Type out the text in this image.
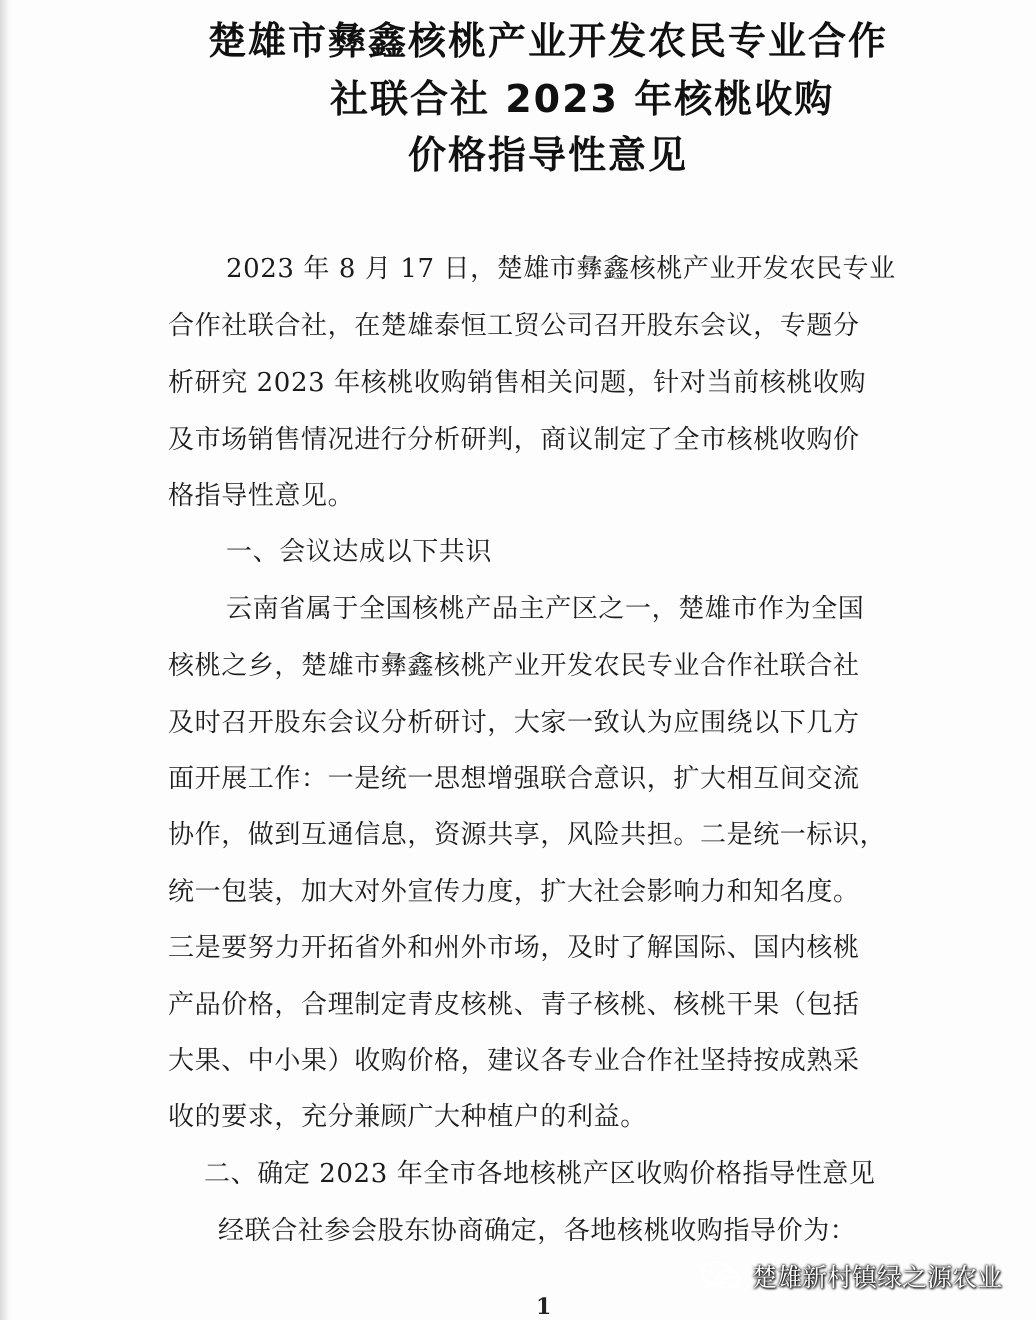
楚雄市彝鑫核桃产业开发农民专业合作
社联合社 2023 年核桃收购
价格指导性意见
2023 年 8 月 17 日，楚雄市彝鑫核桃产业开发农民专业
合作社联合社，在楚雄泰恒工贸公司召开股东会议，专题分
析研究 2023 年核桃收购销售相关问题，针对当前核桃收购
及市场销售情况进行分析研判，商议制定了全市核桃收购价
格指导性意见。
一、会议达成以下共识
云南省属于全国核桃产品主产区之一，楚雄市作为全国
核桃之乡，楚雄市彝鑫核桃产业开发农民专业合作社联合社
及时召开股东会议分析研讨，大家一致认为应围绕以下几方
面开展工作：一是统一思想增强联合意识，扩大相互间交流
协作，做到互通信息，资源共享，风险共担。二是统一标识，
统一包装，加大对外宣传力度，扩大社会影响力和知名度。
三是要努力开拓省外和州外市场，及时了解国际、国内核桃
产品价格，合理制定青皮核桃、青子核桃、核桃干果（包括
大果、中小果）收购价格，建议各专业合作社坚持按成熟采
收的要求，充分兼顾广大种植户的利益。
二、确定 2023 年全市各地核桃产区收购价格指导性意见
经联合社参会股东协商确定，各地核桃收购指导价为：
楚雄新村镇绿之源农业
1
